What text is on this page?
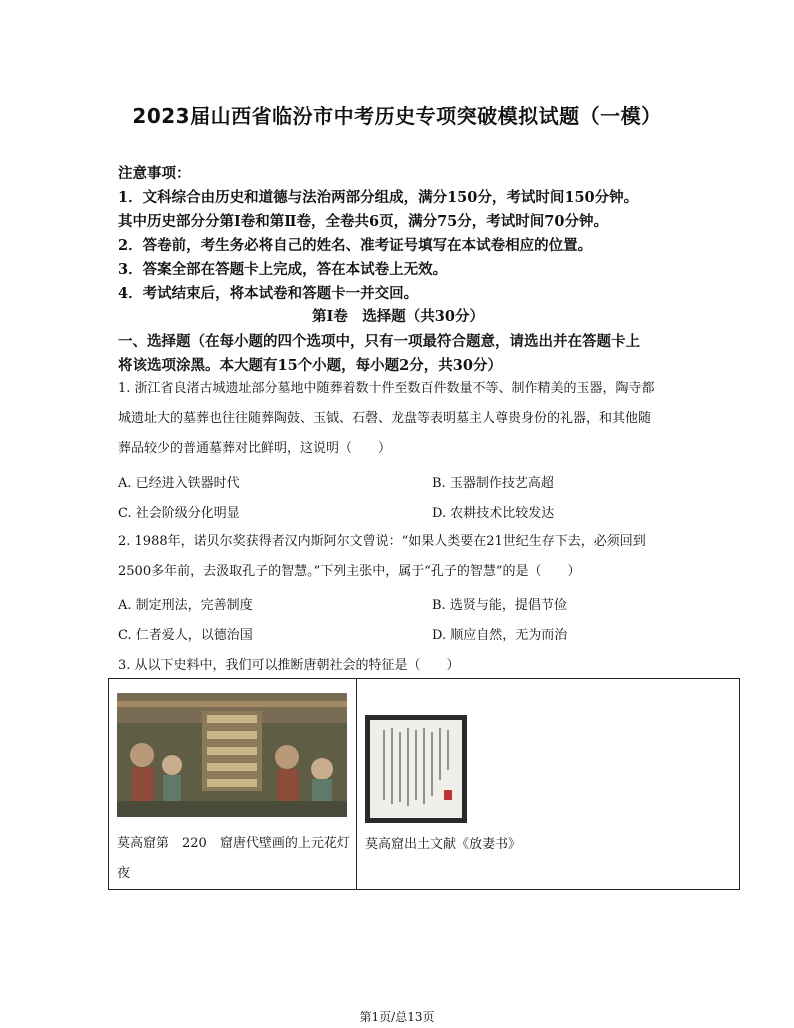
2023届山西省临汾市中考历史专项突破模拟试题（一模）
注意事项：
1．文科综合由历史和道德与法治两部分组成，满分150分，考试时间150分钟。
其中历史部分分第Ⅰ卷和第Ⅱ卷，全卷共6页，满分75分，考试时间70分钟。
2．答卷前，考生务必将自己的姓名、准考证号填写在本试卷相应的位置。
3．答案全部在答题卡上完成，答在本试卷上无效。
4．考试结束后，将本试卷和答题卡一并交回。
第Ⅰ卷　选择题（共30分）
一、选择题（在每小题的四个选项中，只有一项最符合题意，请选出并在答题卡上
将该选项涂黑。本大题有15个小题，每小题2分，共30分）
1. 浙江省良渚古城遗址部分墓地中随葬着数十件至数百件数量不等、制作精美的玉器，陶寺都
城遗址大的墓葬也往往随葬陶鼓、玉钺、石磬、龙盘等表明墓主人尊贵身份的礼器，和其他随
葬品较少的普通墓葬对比鲜明，这说明（　　）
A. 已经进入铁器时代	B. 玉器制作技艺高超
C. 社会阶级分化明显	D. 农耕技术比较发达
2. 1988年，诺贝尔奖获得者汉内斯阿尔文曾说：“如果人类要在21世纪生存下去，必须回到
2500多年前，去汲取孔子的智慧。”下列主张中，属于“孔子的智慧”的是（　　）
A. 制定刑法，完善制度	B. 选贤与能，提倡节俭
C. 仁者爱人，以德治国	D. 顺应自然，无为而治
3. 从以下史料中，我们可以推断唐朝社会的特征是（　　）
莫高窟第　220　窟唐代壁画的上元花灯夜
莫高窟出土文献《放妻书》
第1页/总13页
